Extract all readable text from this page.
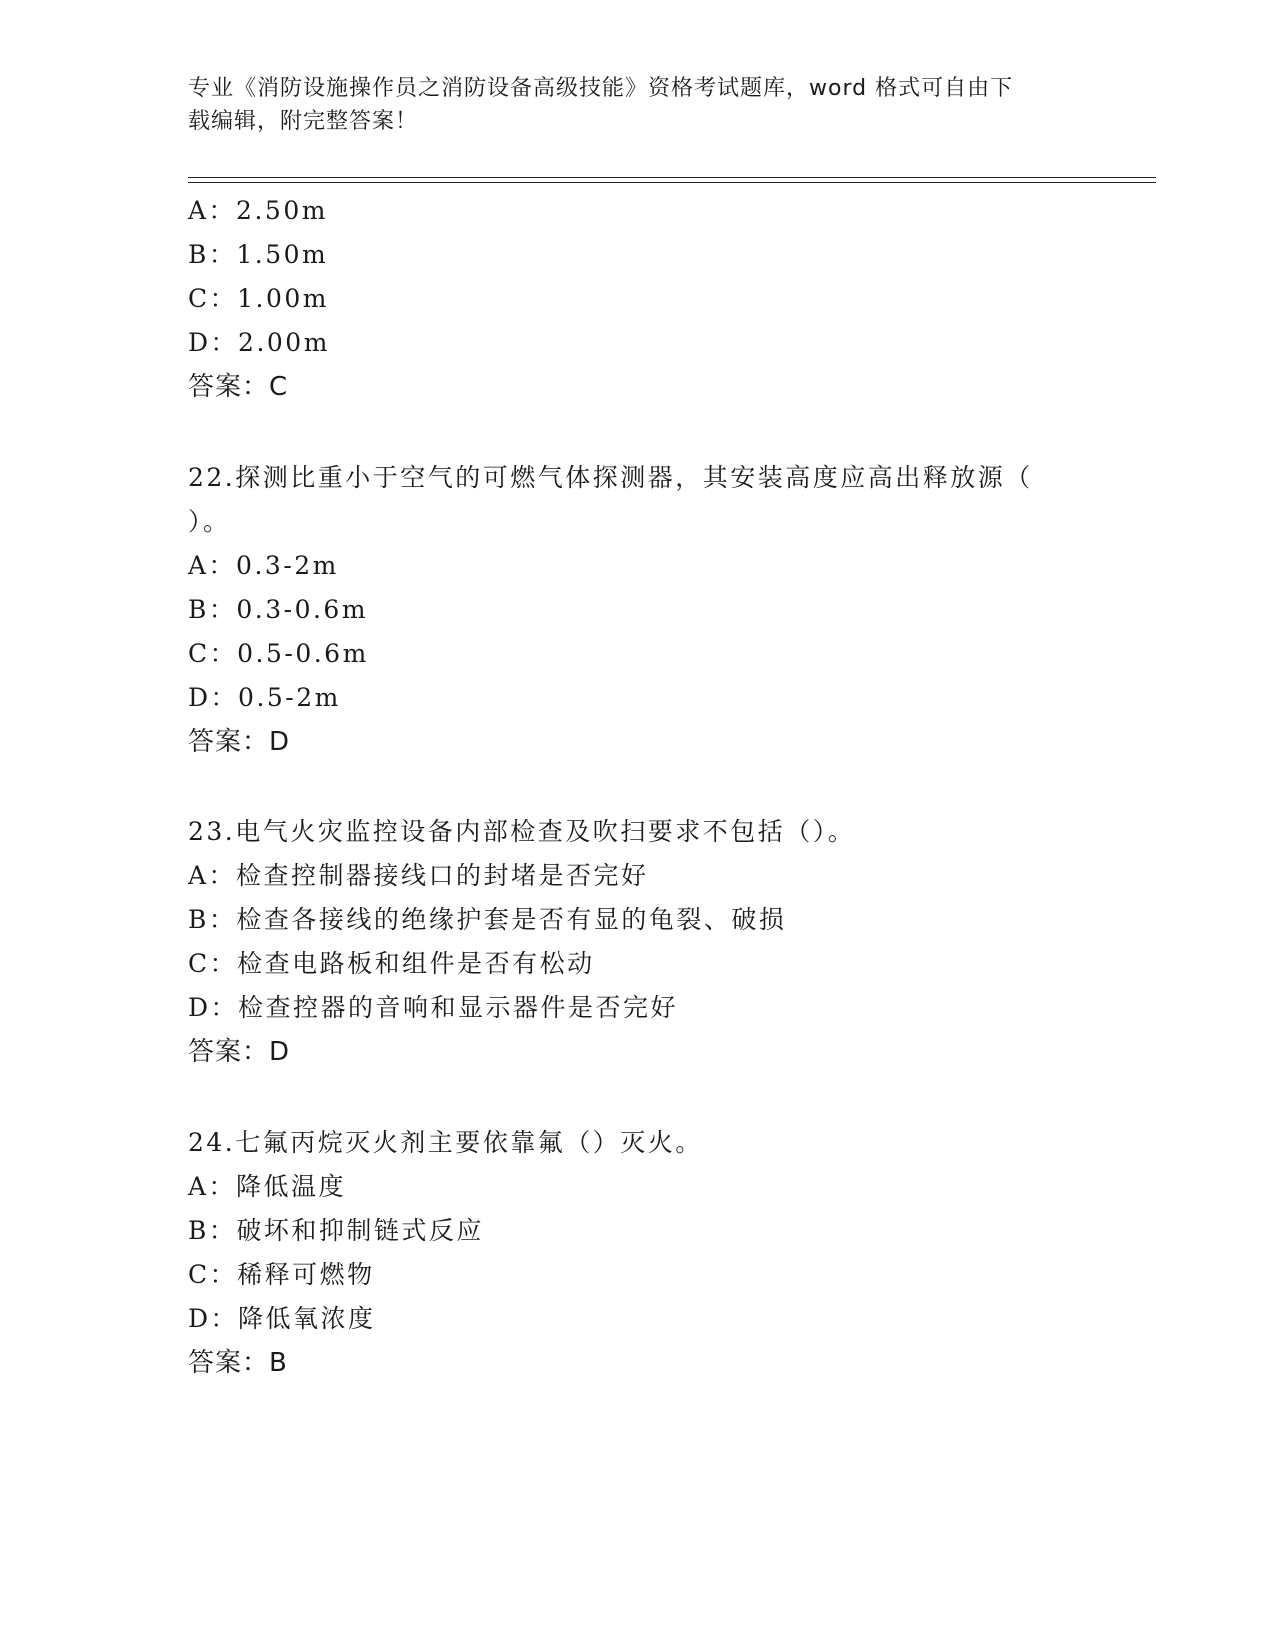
专业《消防设施操作员之消防设备高级技能》资格考试题库，word 格式可自由下
载编辑，附完整答案！
A：2.50m
B：1.50m
C：1.00m
D：2.00m
答案：C
22.探测比重小于空气的可燃气体探测器，其安装高度应高出释放源（
）。
A：0.3-2m
B：0.3-0.6m
C：0.5-0.6m
D：0.5-2m
答案：D
23.电气火灾监控设备内部检查及吹扫要求不包括（）。
A：检查控制器接线口的封堵是否完好
B：检查各接线的绝缘护套是否有显的龟裂、破损
C：检查电路板和组件是否有松动
D：检查控器的音响和显示器件是否完好
答案：D
24.七氟丙烷灭火剂主要依靠氟（）灭火。
A：降低温度
B：破坏和抑制链式反应
C：稀释可燃物
D：降低氧浓度
答案：B
